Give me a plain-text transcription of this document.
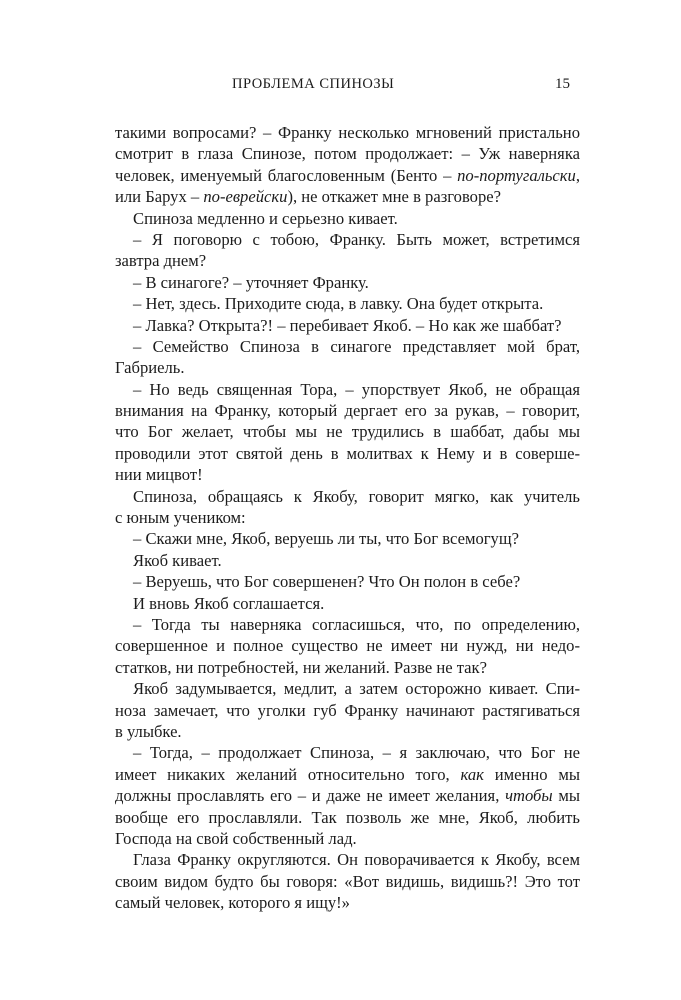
ПРОБЛЕМА СПИНОЗЫ	15
такими вопросами? – Франку несколько мгновений пристально
смотрит в глаза Спинозе, потом продолжает: – Уж наверняка
человек, именуемый благословенным (Бенто – по-португальски,
или Барух – по-еврейски), не откажет мне в разговоре?
Спиноза медленно и серьезно кивает.
– Я поговорю с тобою, Франку. Быть может, встретимся
завтра днем?
– В синагоге? – уточняет Франку.
– Нет, здесь. Приходите сюда, в лавку. Она будет открыта.
– Лавка? Открыта?! – перебивает Якоб. – Но как же шаббат?
– Семейство Спиноза в синагоге представляет мой брат,
Габриель.
– Но ведь священная Тора, – упорствует Якоб, не обращая
внимания на Франку, который дергает его за рукав, – говорит,
что Бог желает, чтобы мы не трудились в шаббат, дабы мы
проводили этот святой день в молитвах к Нему и в соверше-
нии мицвот!
Спиноза, обращаясь к Якобу, говорит мягко, как учитель
с юным учеником:
– Скажи мне, Якоб, веруешь ли ты, что Бог всемогущ?
Якоб кивает.
– Веруешь, что Бог совершенен? Что Он полон в себе?
И вновь Якоб соглашается.
– Тогда ты наверняка согласишься, что, по определению,
совершенное и полное существо не имеет ни нужд, ни недо-
статков, ни потребностей, ни желаний. Разве не так?
Якоб задумывается, медлит, а затем осторожно кивает. Спи-
ноза замечает, что уголки губ Франку начинают растягиваться
в улыбке.
– Тогда, – продолжает Спиноза, – я заключаю, что Бог не
имеет никаких желаний относительно того, как именно мы
должны прославлять его – и даже не имеет желания, чтобы мы
вообще его прославляли. Так позволь же мне, Якоб, любить
Господа на свой собственный лад.
Глаза Франку округляются. Он поворачивается к Якобу, всем
своим видом будто бы говоря: «Вот видишь, видишь?! Это тот
самый человек, которого я ищу!»
